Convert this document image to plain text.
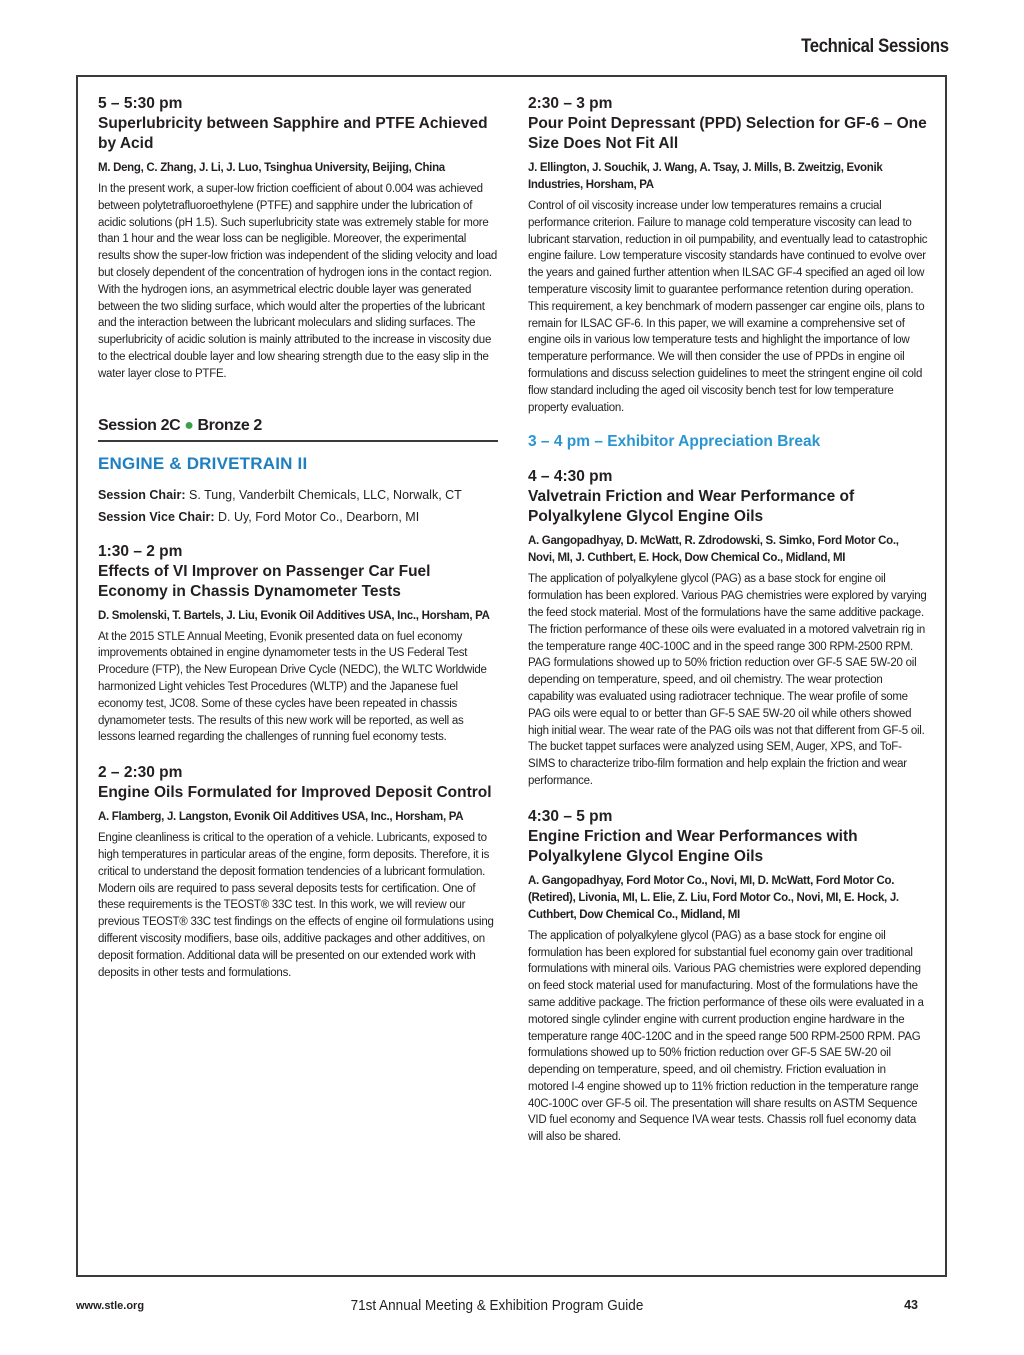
Technical Sessions

5 – 5:30 pm

Superlubricity between Sapphire and PTFE Achieved by Acid

M. Deng, C. Zhang, J. Li, J. Luo, Tsinghua University, Beijing, China

In the present work, a super-low friction coefficient of about 0.004 was achieved between polytetrafluoroethylene (PTFE) and sapphire under the lubrication of acidic solutions (pH 1.5). Such superlubricity state was extremely stable for more than 1 hour and the wear loss can be negligible. Moreover, the experimental results show the super-low friction was independent of the sliding velocity and load but closely dependent of the concentration of hydrogen ions in the contact region. With the hydrogen ions, an asymmetrical electric double layer was generated between the two sliding surface, which would alter the properties of the lubricant and the interaction between the lubricant moleculars and sliding surfaces. The superlubricity of acidic solution is mainly attributed to the increase in viscosity due to the electrical double layer and low shearing strength due to the easy slip in the water layer close to PTFE.

Session 2C ● Bronze 2
ENGINE & DRIVETRAIN II

Session Chair: S. Tung, Vanderbilt Chemicals, LLC, Norwalk, CT

Session Vice Chair: D. Uy, Ford Motor Co., Dearborn, MI

1:30 – 2 pm

Effects of VI Improver on Passenger Car Fuel Economy in Chassis Dynamometer Tests

D. Smolenski, T. Bartels, J. Liu, Evonik Oil Additives USA, Inc., Horsham, PA

At the 2015 STLE Annual Meeting, Evonik presented data on fuel economy improvements obtained in engine dynamometer tests in the US Federal Test Procedure (FTP), the New European Drive Cycle (NEDC), the WLTC Worldwide harmonized Light vehicles Test Procedures (WLTP) and the Japanese fuel economy test, JC08. Some of these cycles have been repeated in chassis dynamometer tests. The results of this new work will be reported, as well as lessons learned regarding the challenges of running fuel economy tests.

2 – 2:30 pm

Engine Oils Formulated for Improved Deposit Control

A. Flamberg, J. Langston, Evonik Oil Additives USA, Inc., Horsham, PA

Engine cleanliness is critical to the operation of a vehicle. Lubricants, exposed to high temperatures in particular areas of the engine, form deposits. Therefore, it is critical to understand the deposit formation tendencies of a lubricant formulation. Modern oils are required to pass several deposits tests for certification. One of these requirements is the TEOST® 33C test. In this work, we will review our previous TEOST® 33C test findings on the effects of engine oil formulations using different viscosity modifiers, base oils, additive packages and other additives, on deposit formation. Additional data will be presented on our extended work with deposits in other tests and formulations.

2:30 – 3 pm

Pour Point Depressant (PPD) Selection for GF-6 – One Size Does Not Fit All

J. Ellington, J. Souchik, J. Wang, A. Tsay, J. Mills, B. Zweitzig, Evonik Industries, Horsham, PA

Control of oil viscosity increase under low temperatures remains a crucial performance criterion. Failure to manage cold temperature viscosity can lead to lubricant starvation, reduction in oil pumpability, and eventually lead to catastrophic engine failure. Low temperature viscosity standards have continued to evolve over the years and gained further attention when ILSAC GF-4 specified an aged oil low temperature viscosity limit to guarantee performance retention during operation. This requirement, a key benchmark of modern passenger car engine oils, plans to remain for ILSAC GF-6. In this paper, we will examine a comprehensive set of engine oils in various low temperature tests and highlight the importance of low temperature performance. We will then consider the use of PPDs in engine oil formulations and discuss selection guidelines to meet the stringent engine oil cold flow standard including the aged oil viscosity bench test for low temperature property evaluation.

3 – 4 pm – Exhibitor Appreciation Break

4 – 4:30 pm

Valvetrain Friction and Wear Performance of Polyalkylene Glycol Engine Oils

A. Gangopadhyay, D. McWatt, R. Zdrodowski, S. Simko, Ford Motor Co., Novi, MI, J. Cuthbert, E. Hock, Dow Chemical Co., Midland, MI

The application of polyalkylene glycol (PAG) as a base stock for engine oil formulation has been explored. Various PAG chemistries were explored by varying the feed stock material. Most of the formulations have the same additive package. The friction performance of these oils were evaluated in a motored valvetrain rig in the temperature range 40C-100C and in the speed range 300 RPM-2500 RPM. PAG formulations showed up to 50% friction reduction over GF-5 SAE 5W-20 oil depending on temperature, speed, and oil chemistry. The wear protection capability was evaluated using radiotracer technique. The wear profile of some PAG oils were equal to or better than GF-5 SAE 5W-20 oil while others showed high initial wear. The wear rate of the PAG oils was not that different from GF-5 oil. The bucket tappet surfaces were analyzed using SEM, Auger, XPS, and ToF-SIMS to characterize tribo-film formation and help explain the friction and wear performance.

4:30 – 5 pm

Engine Friction and Wear Performances with Polyalkylene Glycol Engine Oils

A. Gangopadhyay, Ford Motor Co., Novi, MI, D. McWatt, Ford Motor Co. (Retired), Livonia, MI, L. Elie, Z. Liu, Ford Motor Co., Novi, MI, E. Hock, J. Cuthbert, Dow Chemical Co., Midland, MI

The application of polyalkylene glycol (PAG) as a base stock for engine oil formulation has been explored for substantial fuel economy gain over traditional formulations with mineral oils. Various PAG chemistries were explored depending on feed stock material used for manufacturing. Most of the formulations have the same additive package. The friction performance of these oils were evaluated in a motored single cylinder engine with current production engine hardware in the temperature range 40C-120C and in the speed range 500 RPM-2500 RPM. PAG formulations showed up to 50% friction reduction over GF-5 SAE 5W-20 oil depending on temperature, speed, and oil chemistry. Friction evaluation in motored I-4 engine showed up to 11% friction reduction in the temperature range 40C-100C over GF-5 oil. The presentation will share results on ASTM Sequence VID fuel economy and Sequence IVA wear tests. Chassis roll fuel economy data will also be shared.

www.stle.org	71st Annual Meeting & Exhibition Program Guide	43
